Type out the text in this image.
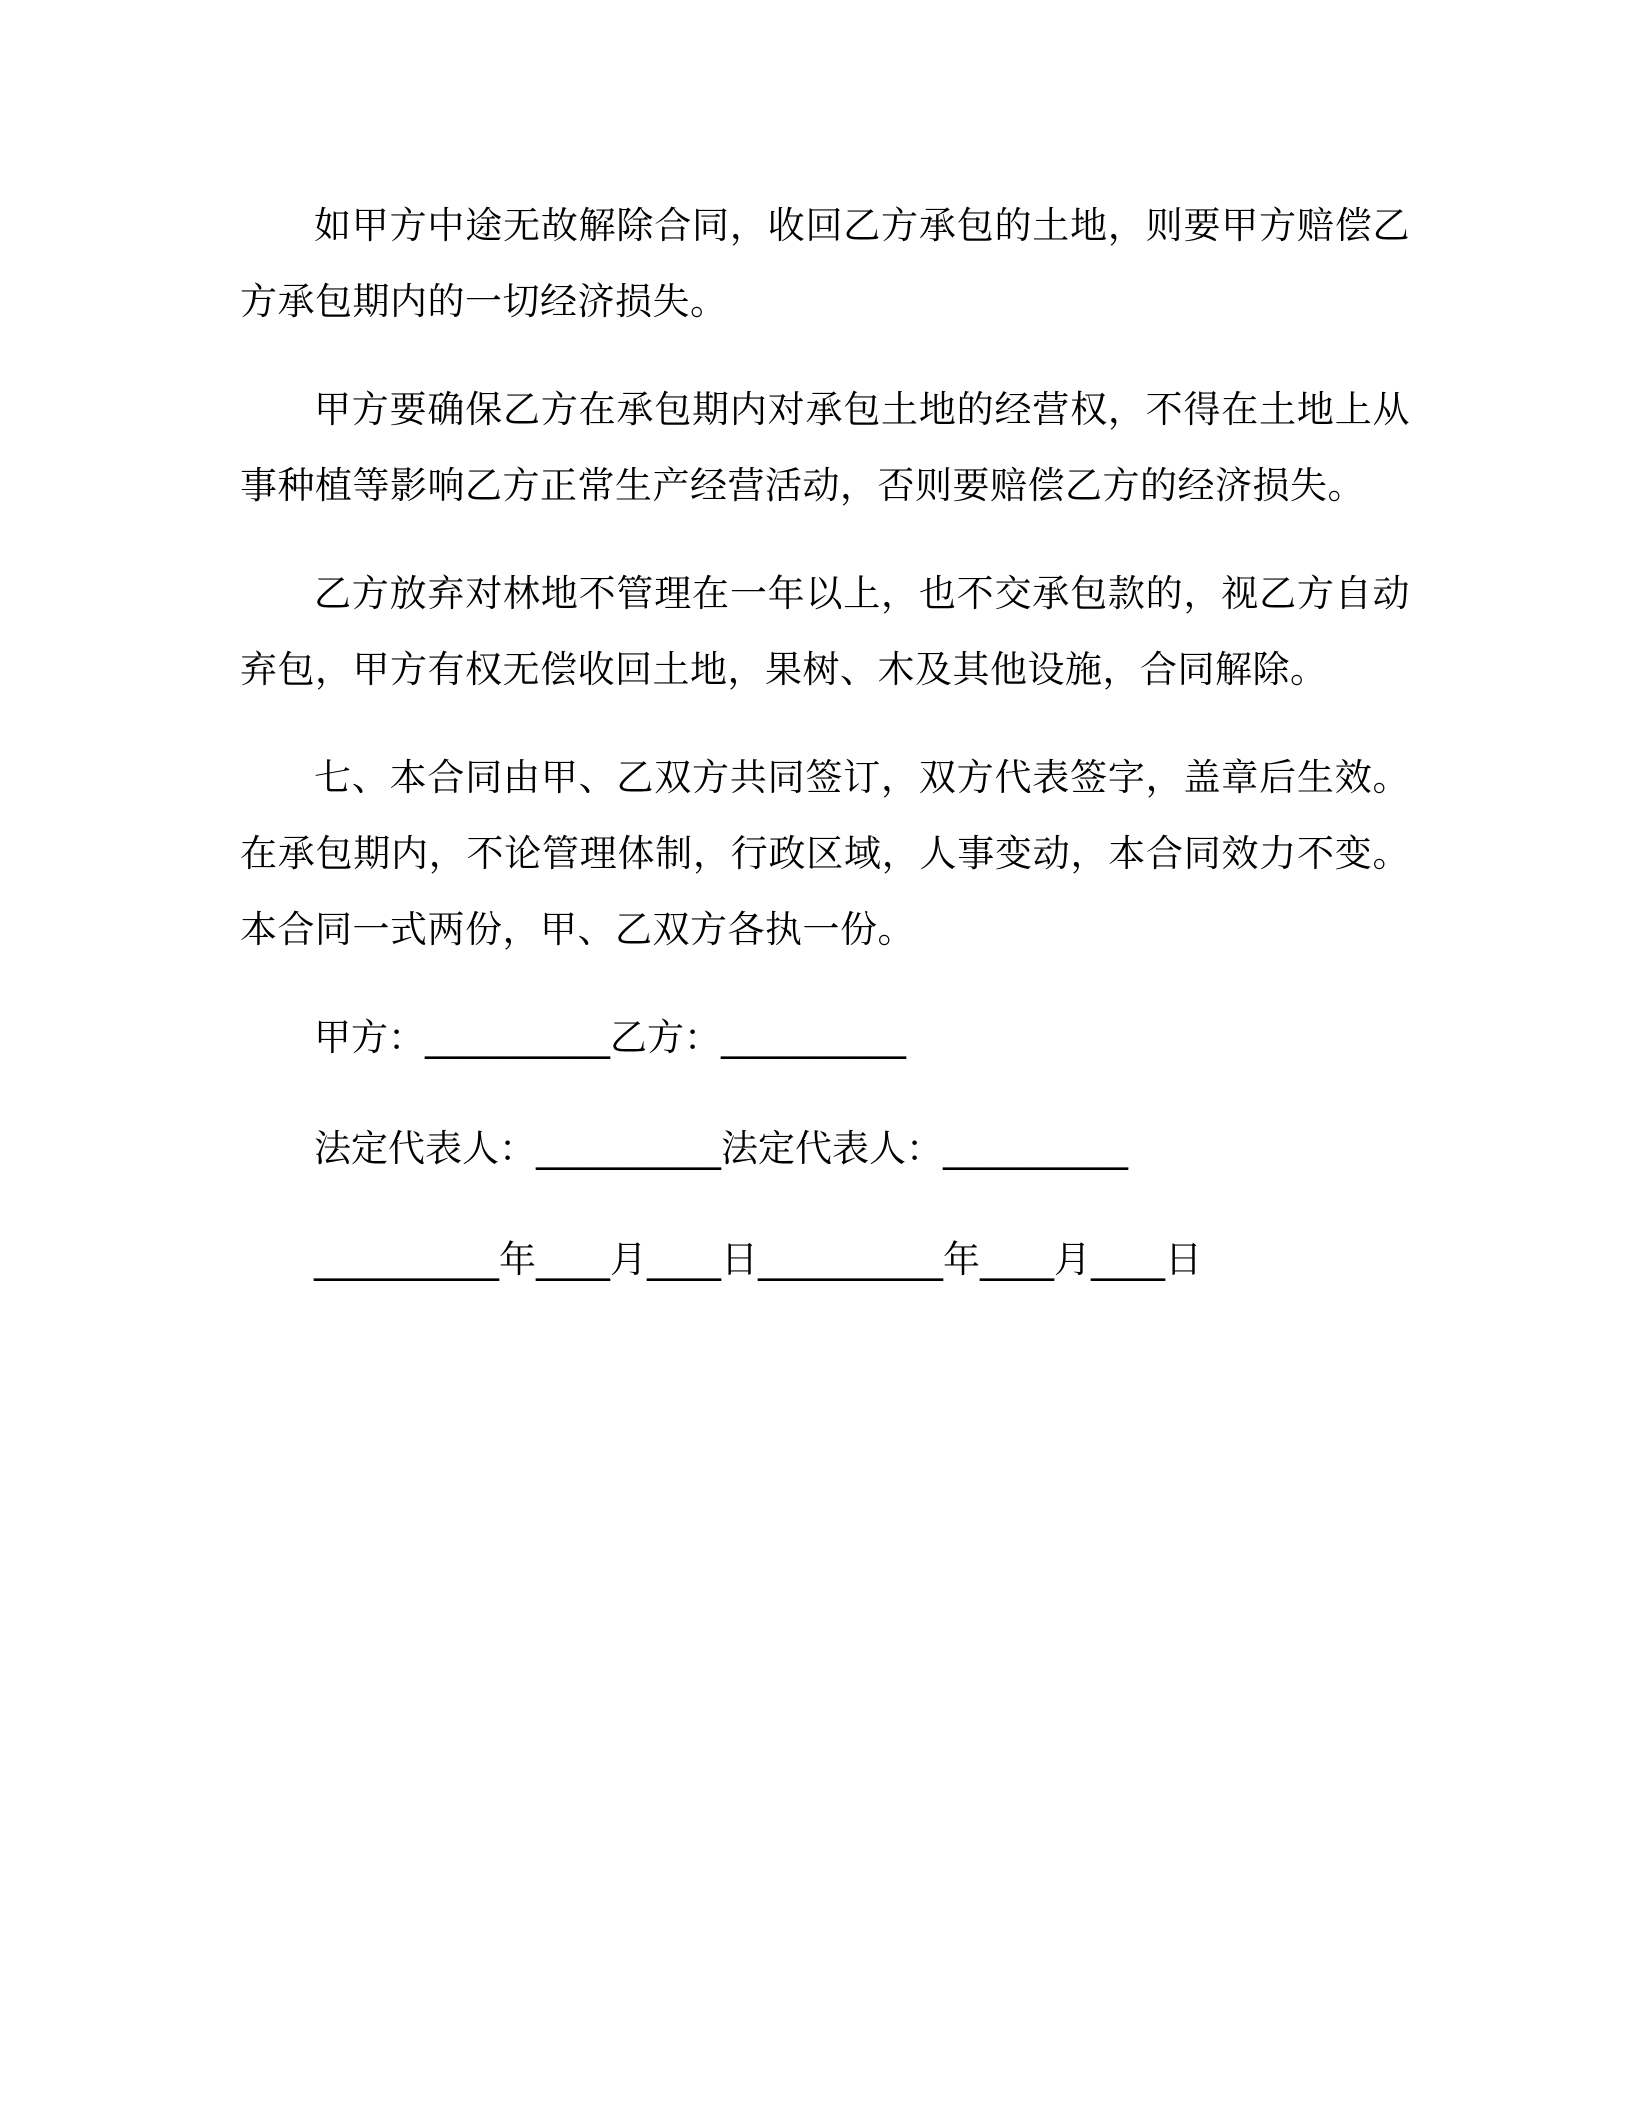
如甲方中途无故解除合同，收回乙方承包的土地，则要甲方赔偿乙方承包期内的一切经济损失。

甲方要确保乙方在承包期内对承包土地的经营权，不得在土地上从事种植等影响乙方正常生产经营活动，否则要赔偿乙方的经济损失。

乙方放弃对林地不管理在一年以上，也不交承包款的，视乙方自动弃包，甲方有权无偿收回土地，果树、木及其他设施，合同解除。

七、本合同由甲、乙双方共同签订，双方代表签字，盖章后生效。在承包期内，不论管理体制，行政区域，人事变动，本合同效力不变。本合同一式两份，甲、乙双方各执一份。

甲方：__________乙方：__________
法定代表人：__________法定代表人：__________
__________年____月____日__________年____月____日
